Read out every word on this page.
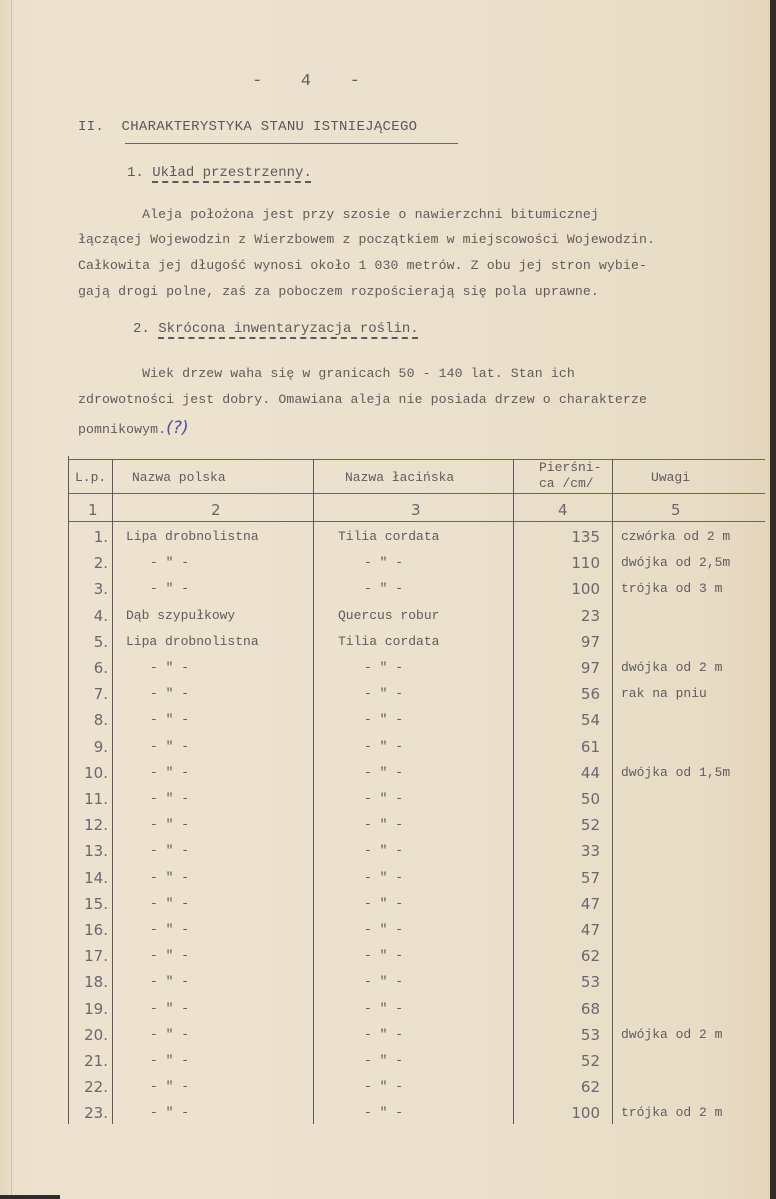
-   4   -
II. CHARAKTERYSTYKA STANU ISTNIEJĄCEGO
1. Układ przestrzenny.
Aleja położona jest przy szosie o nawierzchni bitumicznej
łączącej Wojewodzin z Wierzbowem z początkiem w miejscowości Wojewodzin.
Całkowita jej długość wynosi około 1 030 metrów. Z obu jej stron wybie-
gają drogi polne, zaś za poboczem rozpościerają się pola uprawne.
2. Skrócona inwentaryzacja roślin.
Wiek drzew waha się w granicach 50 - 140 lat. Stan ich
zdrowotności jest dobry. Omawiana aleja nie posiada drzew o charakterze
pomnikowym.(?)
L.p. Nazwa polska	Nazwa łacińska
Pierśni-
ca /cm/	Uwagi
1	2	3	4	5
1. Lipa drobnolistna	Tilia cordata	135 czwórka od 2 m
2.	- " -	- " -	110 dwójka od 2,5m
3.	- " -	- " -	100 trójka od 3 m
4. Dąb szypułkowy	Quercus robur	23
5. Lipa drobnolistna	Tilia cordata	97
6.	- " -	- " -	97 dwójka od 2 m
7.	- " -	- " -	56 rak na pniu
8.	- " -	- " -	54
9.	- " -	- " -	61
10.	- " -	- " -	44 dwójka od 1,5m
11.	- " -	- " -	50
12.	- " -	- " -	52
13.	- " -	- " -	33
14.	- " -	- " -	57
15.	- " -	- " -	47
16.	- " -	- " -	47
17.	- " -	- " -	62
18.	- " -	- " -	53
19.	- " -	- " -	68
20.	- " -	- " -	53 dwójka od 2 m
21.	- " -	- " -	52
22.	- " -	- " -	62
23.	- " -	- " -	100 trójka od 2 m
